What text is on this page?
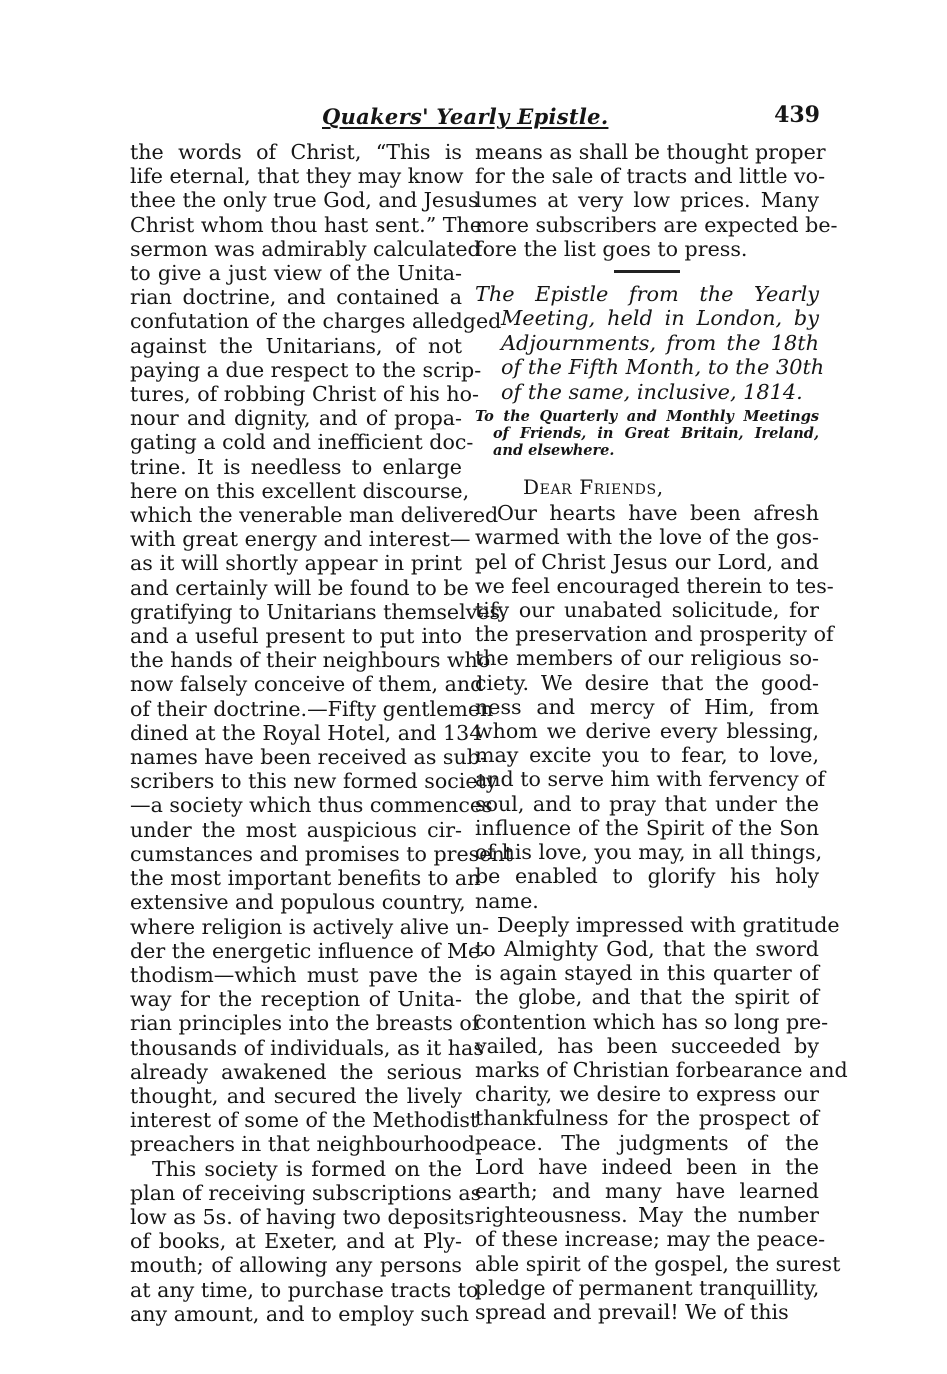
Quakers' Yearly Epistle.	439
the words of Christ, “This is
life eternal, that they may know
thee the only true God, and Jesus
Christ whom thou hast sent.” The
sermon was admirably calculated
to give a just view of the Unita-
rian doctrine, and contained a
confutation of the charges alledged
against the Unitarians, of not
paying a due respect to the scrip-
tures, of robbing Christ of his ho-
nour and dignity, and of propa-
gating a cold and inefficient doc-
trine. It is needless to enlarge
here on this excellent discourse,
which the venerable man delivered
with great energy and interest—
as it will shortly appear in print
and certainly will be found to be
gratifying to Unitarians themselves,
and a useful present to put into
the hands of their neighbours who
now falsely conceive of them, and
of their doctrine.—Fifty gentlemen
dined at the Royal Hotel, and 134
names have been received as sub-
scribers to this new formed society
—a society which thus commences
under the most auspicious cir-
cumstances and promises to present
the most important benefits to an
extensive and populous country,
where religion is actively alive un-
der the energetic influence of Me-
thodism—which must pave the
way for the reception of Unita-
rian principles into the breasts of
thousands of individuals, as it has
already awakened the serious
thought, and secured the lively
interest of some of the Methodist
preachers in that neighbourhood.
This society is formed on the
plan of receiving subscriptions as
low as 5s. of having two deposits
of books, at Exeter, and at Ply-
mouth; of allowing any persons
at any time, to purchase tracts to
any amount, and to employ such
means as shall be thought proper
for the sale of tracts and little vo-
lumes at very low prices. Many
more subscribers are expected be-
fore the list goes to press.
The Epistle from the Yearly
Meeting, held in London, by
Adjournments, from the 18th
of the Fifth Month, to the 30th
of the same, inclusive, 1814.
To the Quarterly and Monthly Meetings
of Friends, in Great Britain, Ireland,
and elsewhere.
Dear Friends,
Our hearts have been afresh
warmed with the love of the gos-
pel of Christ Jesus our Lord, and
we feel encouraged therein to tes-
tify our unabated solicitude, for
the preservation and prosperity of
the members of our religious so-
ciety. We desire that the good-
ness and mercy of Him, from
whom we derive every blessing,
may excite you to fear, to love,
and to serve him with fervency of
soul, and to pray that under the
influence of the Spirit of the Son
of his love, you may, in all things,
be enabled to glorify his holy
name.
Deeply impressed with gratitude
to Almighty God, that the sword
is again stayed in this quarter of
the globe, and that the spirit of
contention which has so long pre-
vailed, has been succeeded by
marks of Christian forbearance and
charity, we desire to express our
thankfulness for the prospect of
peace. The judgments of the
Lord have indeed been in the
earth; and many have learned
righteousness. May the number
of these increase; may the peace-
able spirit of the gospel, the surest
pledge of permanent tranquillity,
spread and prevail! We of this
